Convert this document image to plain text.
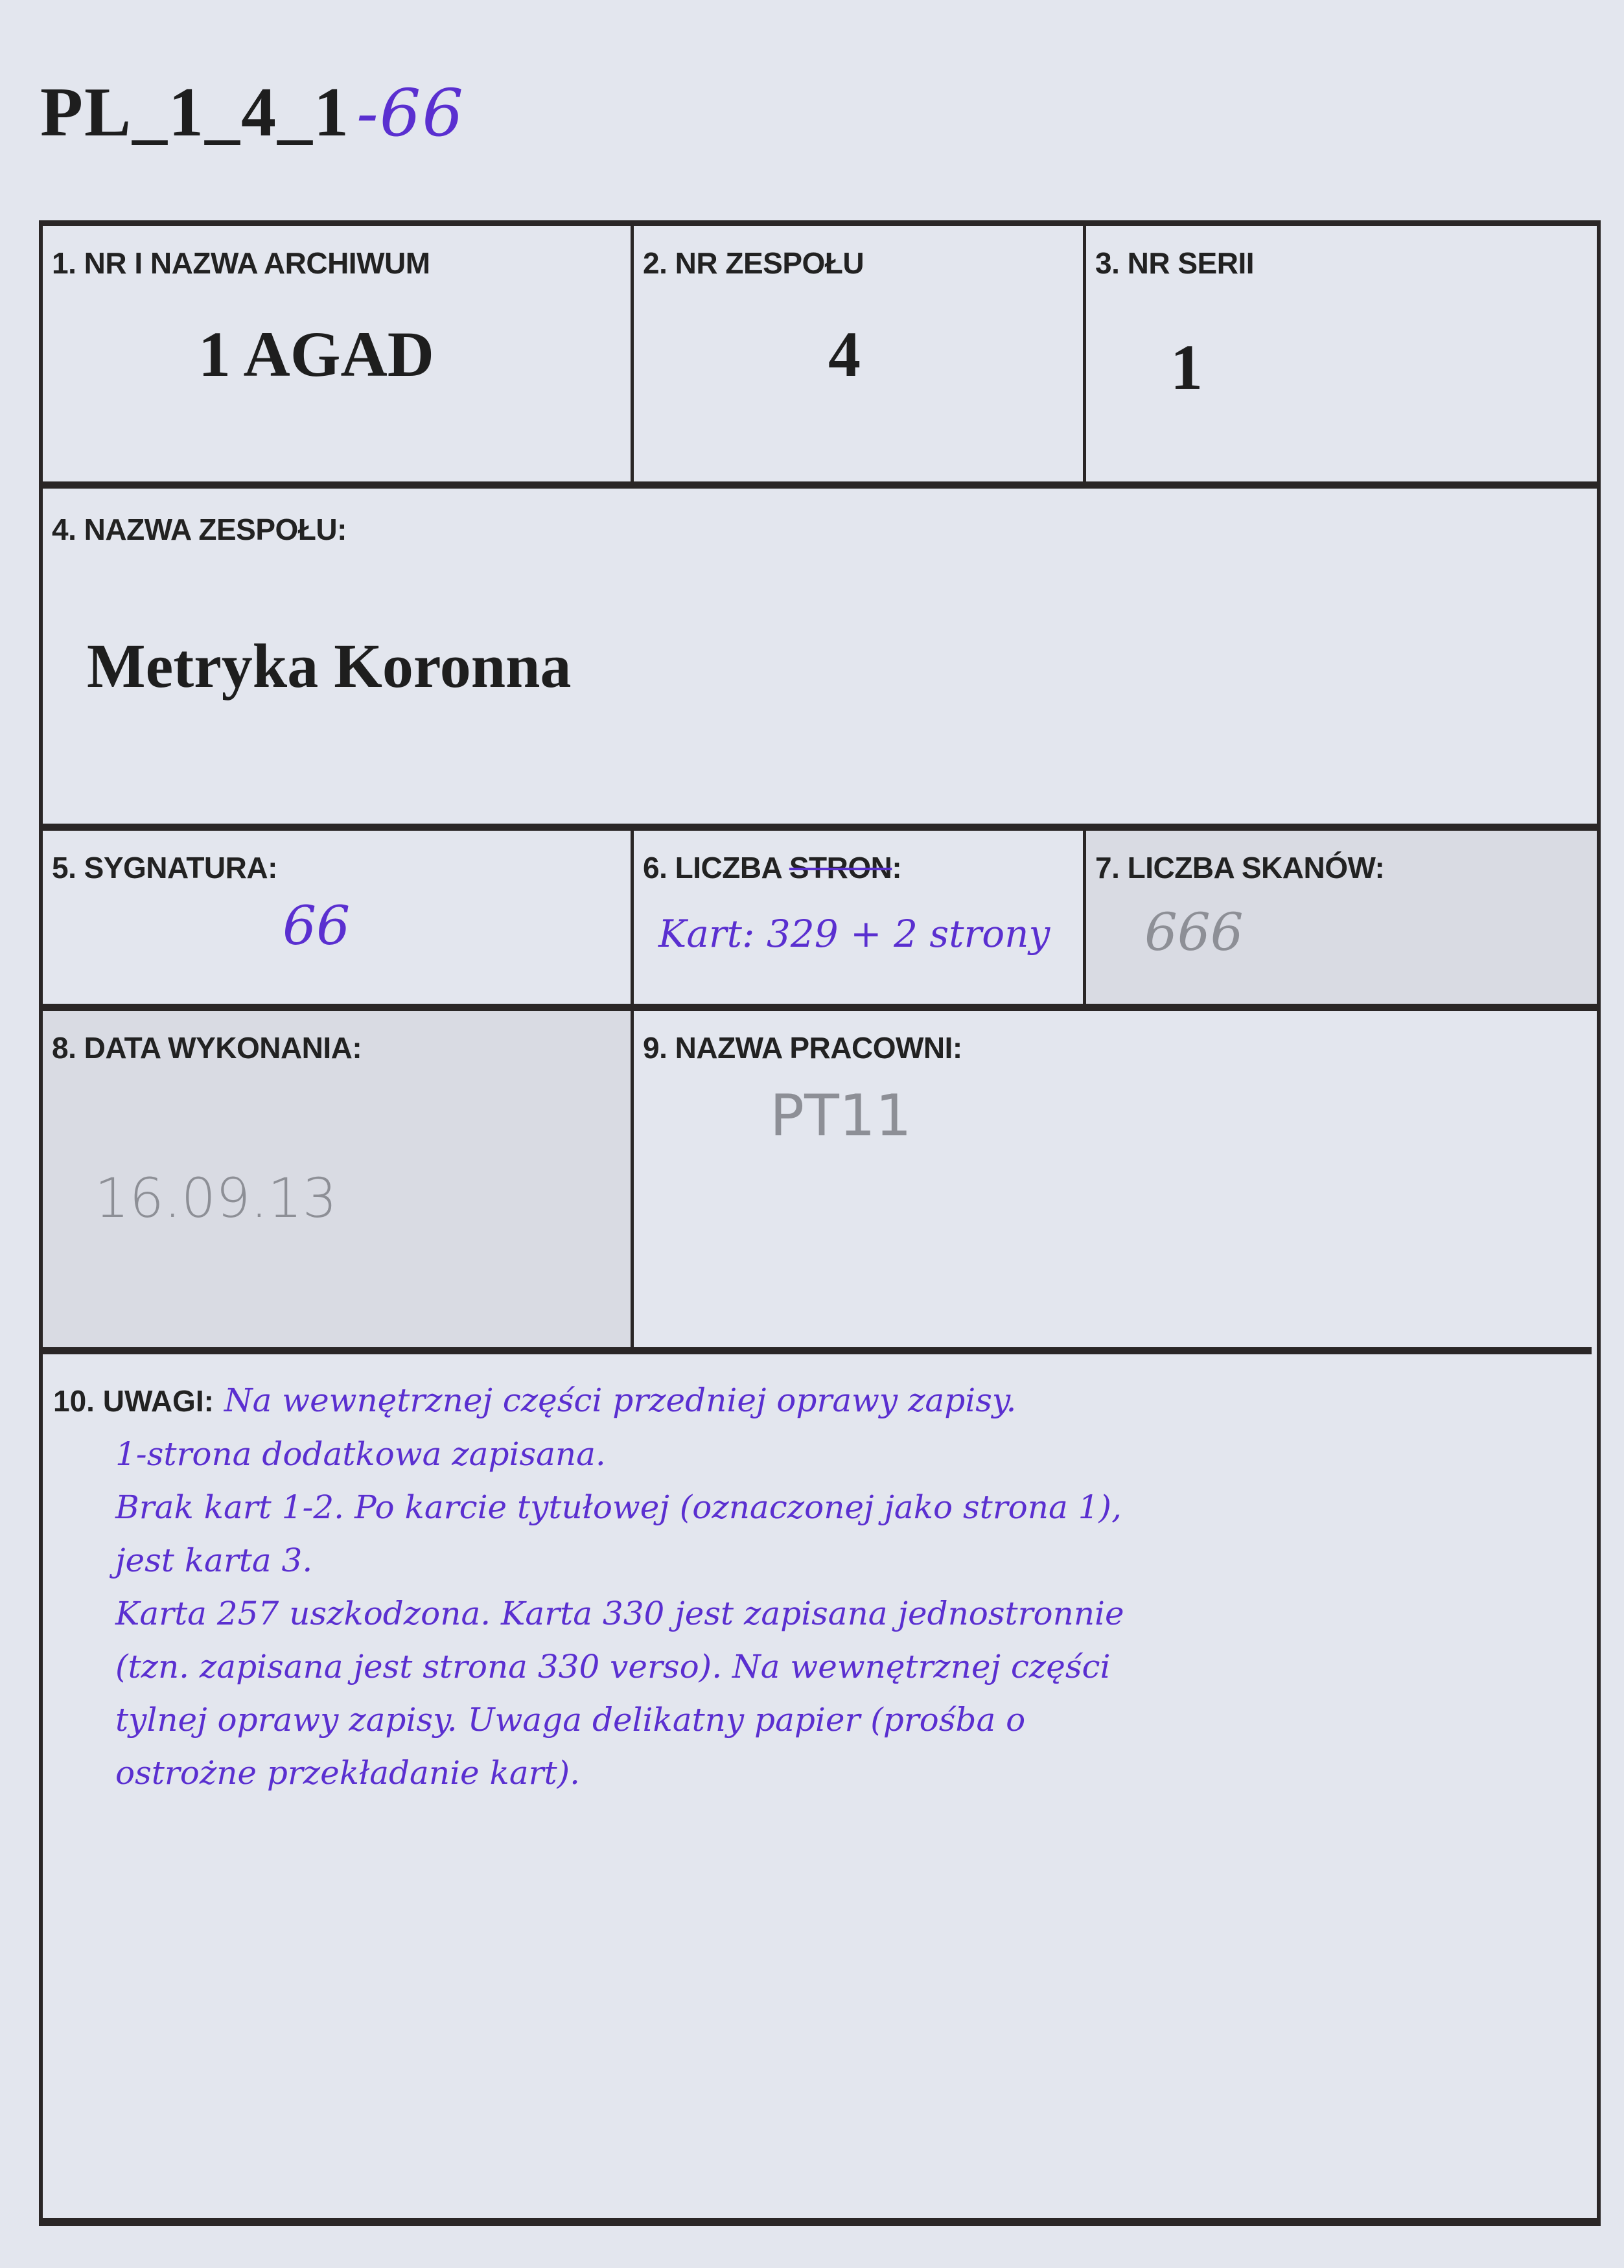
PL_1_4_1 -66
1. NR I NAZWA ARCHIWUM
1 AGAD
2. NR ZESPOŁU
4
3. NR SERII
1
4. NAZWA ZESPOŁU:
Metryka Koronna
5. SYGNATURA:
66
6. LICZBA STRON:
Kart: 329 + 2 strony
7. LICZBA SKANÓW:
666
8. DATA WYKONANIA:
16.09.13
9. NAZWA PRACOWNI:
PT11
10. UWAGI: Na wewnętrznej części przedniej oprawy zapisy.
1-strona dodatkowa zapisana.
Brak kart 1-2. Po karcie tytułowej (oznaczonej jako strona 1),
jest karta 3.
Karta 257 uszkodzona. Karta 330 jest zapisana jednostronnie
(tzn. zapisana jest strona 330 verso). Na wewnętrznej części
tylnej oprawy zapisy. Uwaga delikatny papier (prośba o
ostrożne przekładanie kart).
